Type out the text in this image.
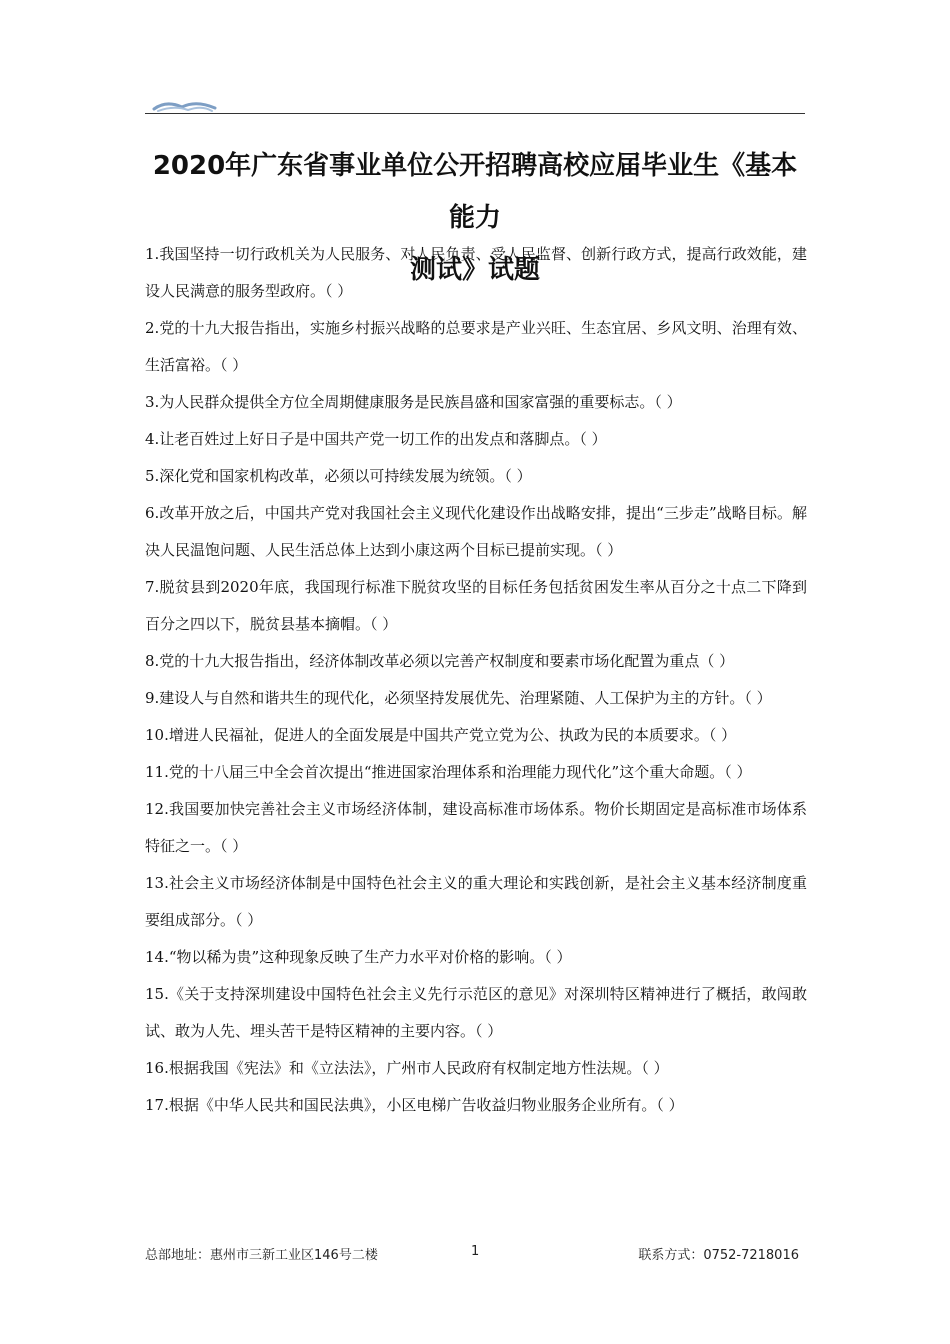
2020年广东省事业单位公开招聘高校应届毕业生《基本能力
测试》试题

1.我国坚持一切行政机关为人民服务、对人民负责、受人民监督、创新行政方式，提高行政效能，建设人民满意的服务型政府。（ ）

2.党的十九大报告指出，实施乡村振兴战略的总要求是产业兴旺、生态宜居、乡风文明、治理有效、生活富裕。（ ）

3.为人民群众提供全方位全周期健康服务是民族昌盛和国家富强的重要标志。（ ）

4.让老百姓过上好日子是中国共产党一切工作的出发点和落脚点。（ ）

5.深化党和国家机构改革，必须以可持续发展为统领。（ ）

6.改革开放之后，中国共产党对我国社会主义现代化建设作出战略安排，提出“三步走”战略目标。解决人民温饱问题、人民生活总体上达到小康这两个目标已提前实现。（ ）

7.脱贫县到2020年底，我国现行标准下脱贫攻坚的目标任务包括贫困发生率从百分之十点二下降到百分之四以下，脱贫县基本摘帽。（ ）

8.党的十九大报告指出，经济体制改革必须以完善产权制度和要素市场化配置为重点（ ）

9.建设人与自然和谐共生的现代化，必须坚持发展优先、治理紧随、人工保护为主的方针。（ ）

10.增进人民福祉，促进人的全面发展是中国共产党立党为公、执政为民的本质要求。（ ）

11.党的十八届三中全会首次提出“推进国家治理体系和治理能力现代化”这个重大命题。（ ）

12.我国要加快完善社会主义市场经济体制，建设高标准市场体系。物价长期固定是高标准市场体系特征之一。（ ）

13.社会主义市场经济体制是中国特色社会主义的重大理论和实践创新，是社会主义基本经济制度重要组成部分。（ ）

14.“物以稀为贵”这种现象反映了生产力水平对价格的影响。（ ）

15.《关于支持深圳建设中国特色社会主义先行示范区的意见》对深圳特区精神进行了概括，敢闯敢试、敢为人先、埋头苦干是特区精神的主要内容。（ ）

16.根据我国《宪法》和《立法法》，广州市人民政府有权制定地方性法规。（ ）

17.根据《中华人民共和国民法典》，小区电梯广告收益归物业服务企业所有。（ ）

总部地址：惠州市三新工业区146号二楼	1	联系方式：0752-7218016
